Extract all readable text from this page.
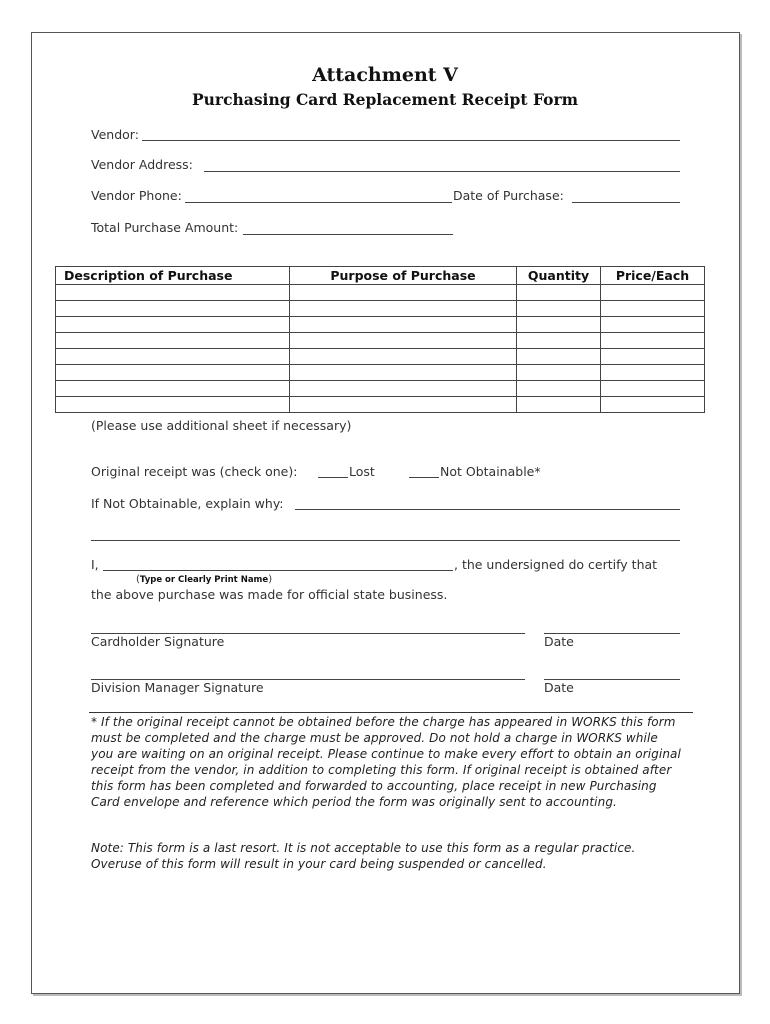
Attachment V
Purchasing Card Replacement Receipt Form
Vendor:
Vendor Address:
Vendor Phone:	Date of Purchase:
Total Purchase Amount:
Description of Purchase	Purpose of Purchase	Quantity	Price/Each

(Please use additional sheet if necessary)
Original receipt was (check one):	Lost	Not Obtainable*
If Not Obtainable, explain why:
I,	, the undersigned do certify that
(Type or Clearly Print Name)
the above purchase was made for official state business.
Cardholder Signature	Date
Division Manager Signature	Date
* If the original receipt cannot be obtained before the charge has appeared in WORKS this form must be completed and the charge must be approved. Do not hold a charge in WORKS while you are waiting on an original receipt. Please continue to make every effort to obtain an original receipt from the vendor, in addition to completing this form. If original receipt is obtained after this form has been completed and forwarded to accounting, place receipt in new Purchasing Card envelope and reference which period the form was originally sent to accounting.
Note: This form is a last resort. It is not acceptable to use this form as a regular practice. Overuse of this form will result in your card being suspended or cancelled.
